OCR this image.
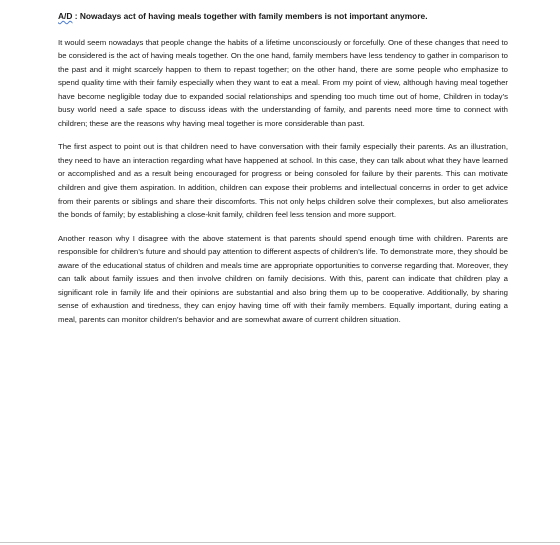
A/D : Nowadays act of having meals together with family members is not important anymore.

It would seem nowadays that people change the habits of a lifetime unconsciously or forcefully. One of these changes that need to be considered is the act of having meals together. On the one hand, family members have less tendency to gather in comparison to the past and it might scarcely happen to them to repast together; on the other hand, there are some people who emphasize to spend quality time with their family especially when they want to eat a meal. From my point of view, although having meal together have become negligible today due to expanded social relationships and spending too much time out of home, Children in today’s busy world need a safe space to discuss ideas with the understanding of family, and parents need more time to connect with children; these are the reasons why having meal together is more considerable than past.

The first aspect to point out is that children need to have conversation with their family especially their parents. As an illustration, they need to have an interaction regarding what have happened at school. In this case, they can talk about what they have learned or accomplished and as a result being encouraged for progress or being consoled for failure by their parents. This can motivate children and give them aspiration. In addition, children can expose their problems and intellectual concerns in order to get advice from their parents or siblings and share their discomforts. This not only helps children solve their complexes, but also ameliorates the bonds of family; by establishing a close-knit family, children feel less tension and more support.

Another reason why I disagree with the above statement is that parents should spend enough time with children. Parents are responsible for children’s future and should pay attention to different aspects of children’s life. To demonstrate more, they should be aware of the educational status of children and meals time are appropriate opportunities to converse regarding that. Moreover, they can talk about family issues and then involve children on family decisions. With this, parent can indicate that children play a significant role in family life and their opinions are substantial and also bring them up to be cooperative. Additionally, by sharing sense of exhaustion and tiredness, they can enjoy having time off with their family members. Equally important, during eating a meal, parents can monitor children’s behavior and are somewhat aware of current children situation.
